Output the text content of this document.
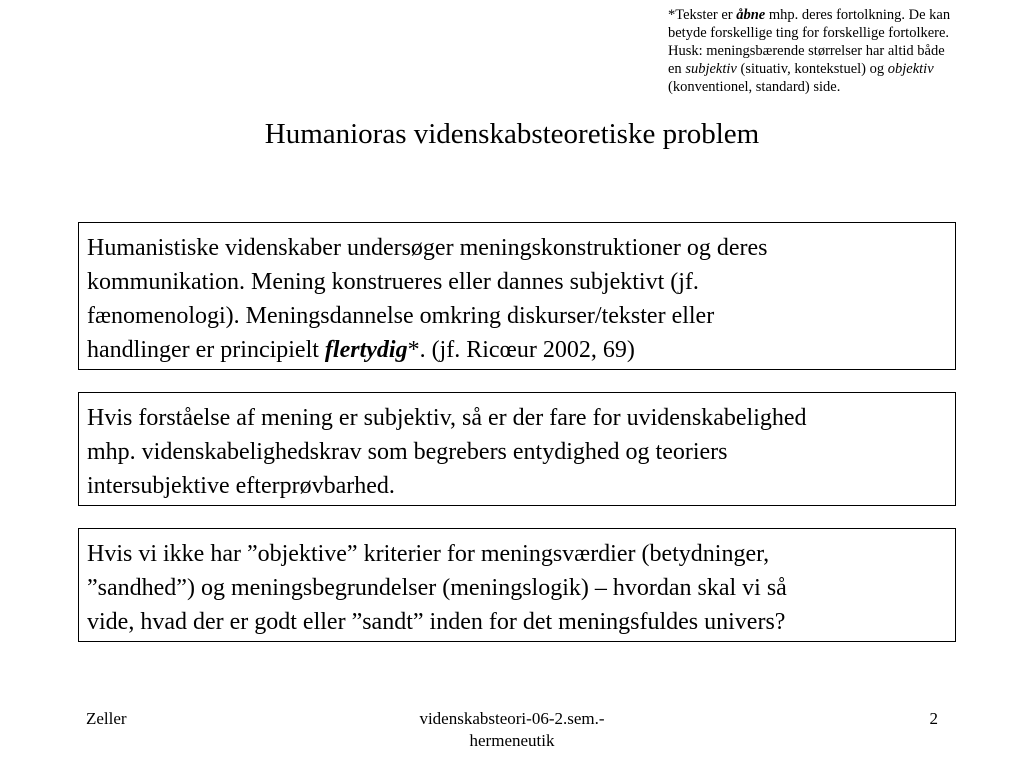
*Tekster er åbne mhp. deres fortolkning. De kan
betyde forskellige ting for forskellige fortolkere.
Husk: meningsbærende størrelser har altid både
en subjektiv (situativ, kontekstuel) og objektiv
(konventionel, standard) side.
Humanioras videnskabsteoretiske problem
Humanistiske videnskaber undersøger meningskonstruktioner og deres
kommunikation. Mening konstrueres eller dannes subjektivt (jf.
fænomenologi). Meningsdannelse omkring diskurser/tekster eller
handlinger er principielt flertydig*. (jf. Ricœur 2002, 69)
Hvis forståelse af mening er subjektiv, så er der fare for uvidenskabelighed
mhp. videnskabelighedskrav som begrebers entydighed og teoriers
intersubjektive efterprøvbarhed.
Hvis vi ikke har ”objektive” kriterier for meningsværdier (betydninger,
”sandhed”) og meningsbegrundelser (meningslogik) – hvordan skal vi så
vide, hvad der er godt eller ”sandt” inden for det meningsfuldes univers?
Zeller	videnskabsteori-06-2.sem.-
hermeneutik
2
